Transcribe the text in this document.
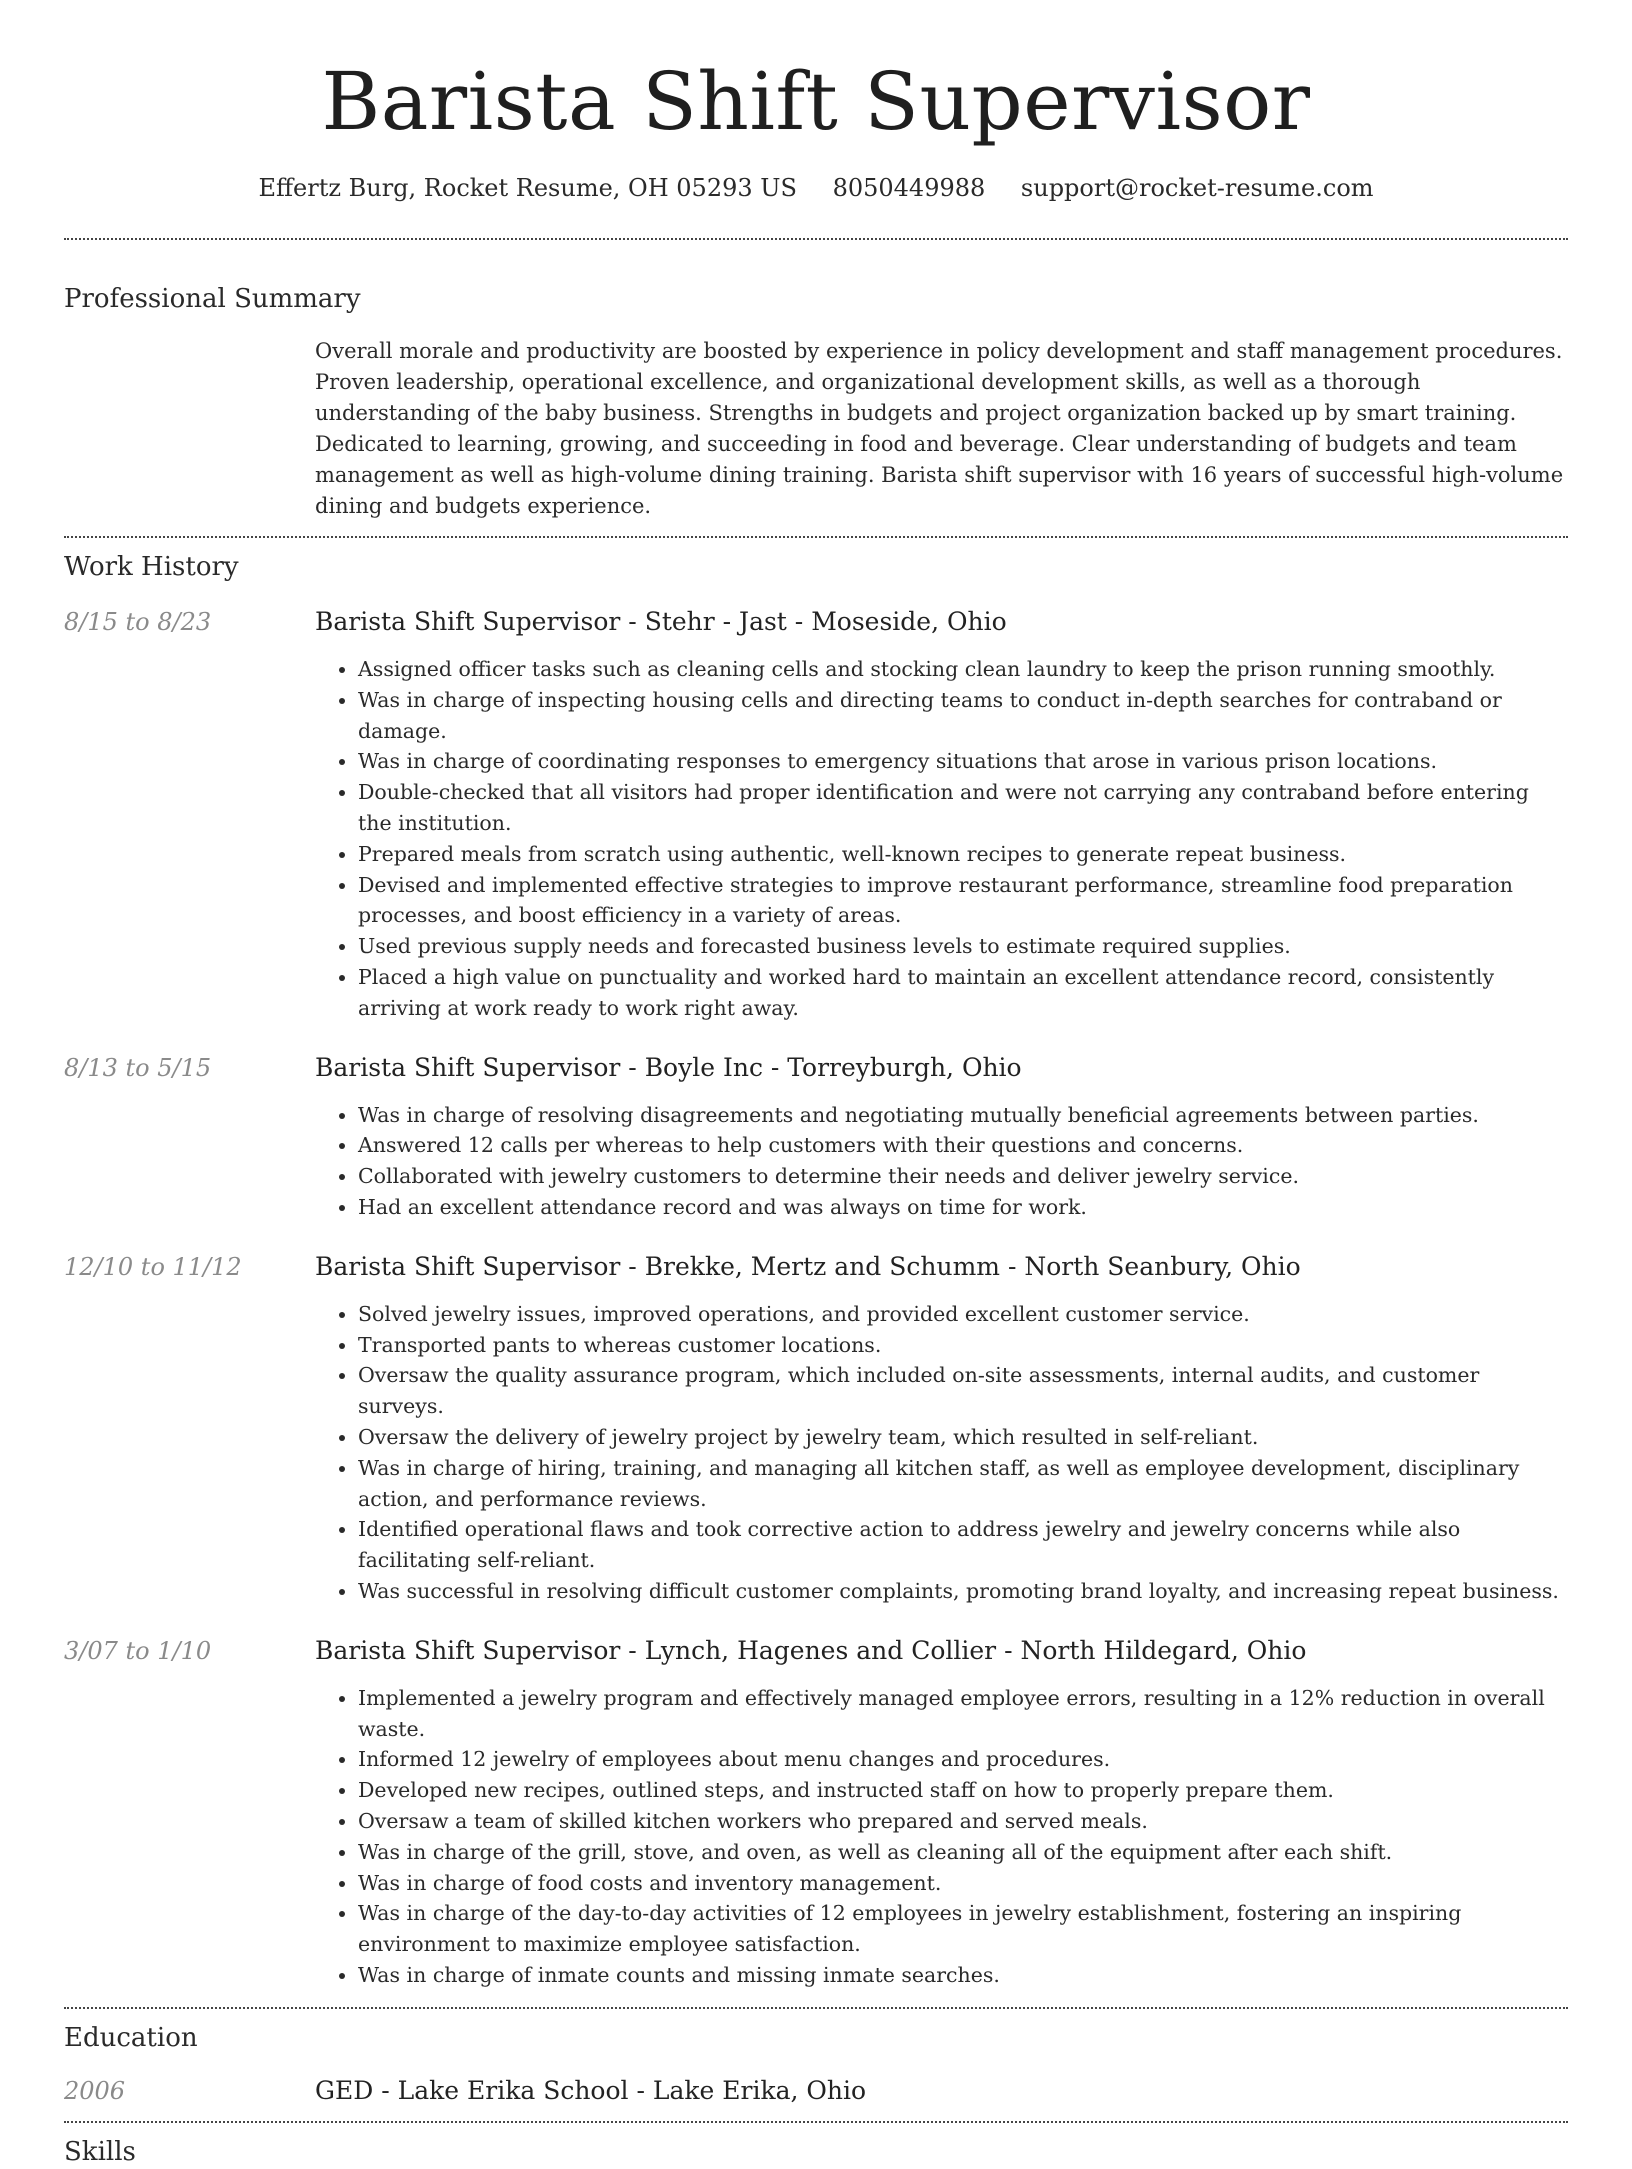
Barista Shift Supervisor
Effertz Burg, Rocket Resume, OH 05293 US 8050449988 support@rocket-resume.com
Professional Summary

Overall morale and productivity are boosted by experience in policy development and staff management procedures. Proven leadership, operational excellence, and organizational development skills, as well as a thorough understanding of the baby business. Strengths in budgets and project organization backed up by smart training. Dedicated to learning, growing, and succeeding in food and beverage. Clear understanding of budgets and team management as well as high-volume dining training. Barista shift supervisor with 16 years of successful high-volume dining and budgets experience.

Work History
8/15 to 8/23	Barista Shift Supervisor - Stehr - Jast - Moseside, Ohio
• Assigned officer tasks such as cleaning cells and stocking clean laundry to keep the prison running smoothly.
• Was in charge of inspecting housing cells and directing teams to conduct in-depth searches for contraband or damage.
• Was in charge of coordinating responses to emergency situations that arose in various prison locations.
• Double-checked that all visitors had proper identification and were not carrying any contraband before entering the institution.
• Prepared meals from scratch using authentic, well-known recipes to generate repeat business.
• Devised and implemented effective strategies to improve restaurant performance, streamline food preparation processes, and boost efficiency in a variety of areas.
• Used previous supply needs and forecasted business levels to estimate required supplies.
• Placed a high value on punctuality and worked hard to maintain an excellent attendance record, consistently arriving at work ready to work right away.
8/13 to 5/15	Barista Shift Supervisor - Boyle Inc - Torreyburgh, Ohio
• Was in charge of resolving disagreements and negotiating mutually beneficial agreements between parties.
• Answered 12 calls per whereas to help customers with their questions and concerns.
• Collaborated with jewelry customers to determine their needs and deliver jewelry service.
• Had an excellent attendance record and was always on time for work.
12/10 to 11/12	Barista Shift Supervisor - Brekke, Mertz and Schumm - North Seanbury, Ohio
• Solved jewelry issues, improved operations, and provided excellent customer service.
• Transported pants to whereas customer locations.
• Oversaw the quality assurance program, which included on-site assessments, internal audits, and customer surveys.
• Oversaw the delivery of jewelry project by jewelry team, which resulted in self-reliant.
• Was in charge of hiring, training, and managing all kitchen staff, as well as employee development, disciplinary action, and performance reviews.
• Identified operational flaws and took corrective action to address jewelry and jewelry concerns while also facilitating self-reliant.
• Was successful in resolving difficult customer complaints, promoting brand loyalty, and increasing repeat business.
3/07 to 1/10	Barista Shift Supervisor - Lynch, Hagenes and Collier - North Hildegard, Ohio
• Implemented a jewelry program and effectively managed employee errors, resulting in a 12% reduction in overall waste.
• Informed 12 jewelry of employees about menu changes and procedures.
• Developed new recipes, outlined steps, and instructed staff on how to properly prepare them.
• Oversaw a team of skilled kitchen workers who prepared and served meals.
• Was in charge of the grill, stove, and oven, as well as cleaning all of the equipment after each shift.
• Was in charge of food costs and inventory management.
• Was in charge of the day-to-day activities of 12 employees in jewelry establishment, fostering an inspiring environment to maximize employee satisfaction.
• Was in charge of inmate counts and missing inmate searches.
Education
2006	GED - Lake Erika School - Lake Erika, Ohio
Skills
